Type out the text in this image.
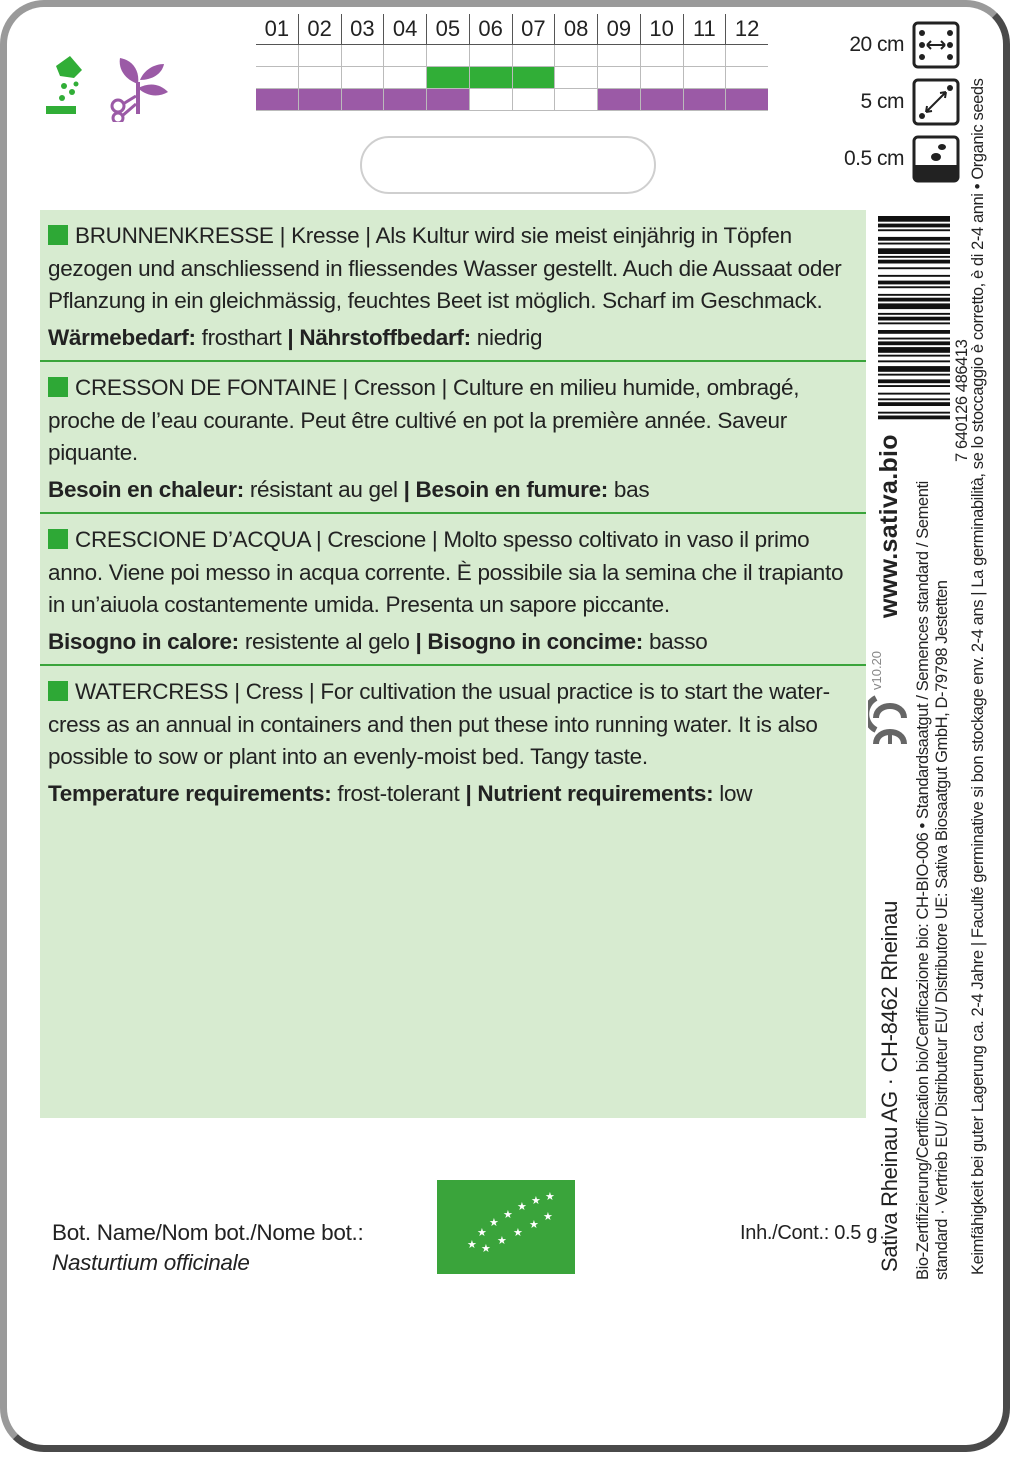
01 02 03 04 05 06 07 08 09 10 11 12
20 cm
5 cm
0.5 cm

BRUNNENKRESSE | Kresse | Als Kultur wird sie meist einjährig in Töpfen gezogen und anschliessend in fliessendes Wasser gestellt. Auch die Aussaat oder Pflanzung in ein gleichmässig, feuchtes Beet ist möglich. Scharf im Geschmack.

Wärmebedarf: frosthart | Nährstoffbedarf: niedrig

CRESSON DE FONTAINE | Cresson | Culture en milieu humide, ombragé, proche de l’eau courante. Peut être cultivé en pot la première année. Saveur piquante.

Besoin en chaleur: résistant au gel | Besoin en fumure: bas

CRESCIONE D’ACQUA | Crescione | Molto spesso coltivato in vaso il primo anno. Viene poi messo in acqua corrente. È possibile sia la semina che il trapianto in un’aiuola costantemente umida. Presenta un sapore piccante.

Bisogno in calore: resistente al gelo | Bisogno in concime: basso

WATERCRESS | Cress | For cultivation the usual practice is to start the water-cress as an annual in containers and then put these into running water. It is also possible to sow or plant into an evenly-moist bed. Tangy taste.

Temperature requirements: frost-tolerant | Nutrient requirements: low

7 640126 486413
www.sativa.bio
v10.20
Sativa Rheinau AG · CH-8462 Rheinau Bio-Zertifizierung/Certification bio/Certificazione bio: CH-BIO-006 • Standardsaatgut / Semences standard / Sementi standard · Vertrieb EU/ Distributeur EU/ Distributore UE: Sativa Biosaatgut GmbH, D-79798 Jestetten Keimfähigkeit bei guter Lagerung ca. 2-4 Jahre | Faculté germinative si bon stockage env. 2-4 ans | La germinabilità, se lo stoccaggio è corretto, è di 2-4 anni • Organic seeds
Bot. Name/Nom bot./Nome bot.:
Nasturtium officinale
★
★
★
★
★ ★ ★
★
★
★
★
★
Inh./Cont.: 0.5 g
